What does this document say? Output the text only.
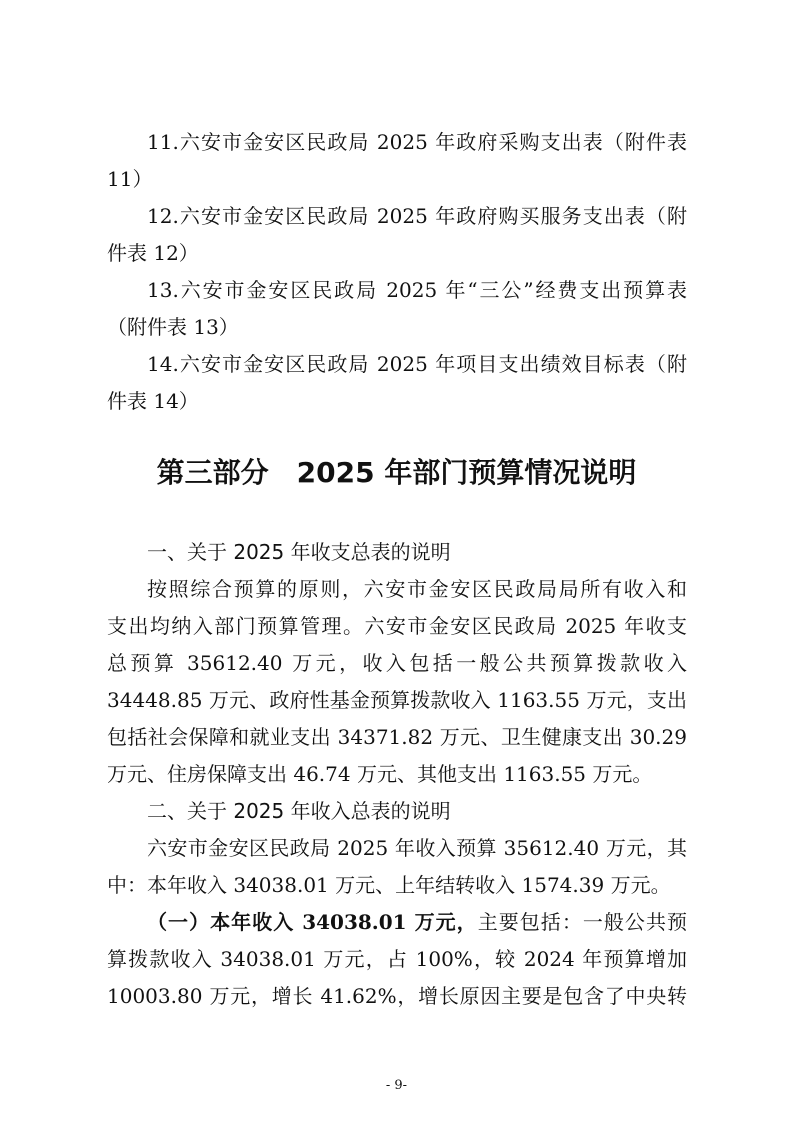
11.六安市金安区民政局 2025 年政府采购支出表（附件表
11）
12.六安市金安区民政局 2025 年政府购买服务支出表（附
件表 12）
13.六安市金安区民政局 2025 年“三公”经费支出预算表
（附件表 13）
14.六安市金安区民政局 2025 年项目支出绩效目标表（附
件表 14）
第三部分 2025 年部门预算情况说明
一、关于 2025 年收支总表的说明
按照综合预算的原则，六安市金安区民政局局所有收入和
支出均纳入部门预算管理。六安市金安区民政局 2025 年收支
总预算 35612.40 万元，收入包括一般公共预算拨款收入
34448.85 万元、政府性基金预算拨款收入 1163.55 万元，支出
包括社会保障和就业支出 34371.82 万元、卫生健康支出 30.29
万元、住房保障支出 46.74 万元、其他支出 1163.55 万元。
二、关于 2025 年收入总表的说明
六安市金安区民政局 2025 年收入预算 35612.40 万元，其
中：本年收入 34038.01 万元、上年结转收入 1574.39 万元。
（一）本年收入 34038.01 万元，主要包括：一般公共预
算拨款收入 34038.01 万元，占 100%，较 2024 年预算增加
10003.80 万元，增长 41.62%，增长原因主要是包含了中央转
- 9-
